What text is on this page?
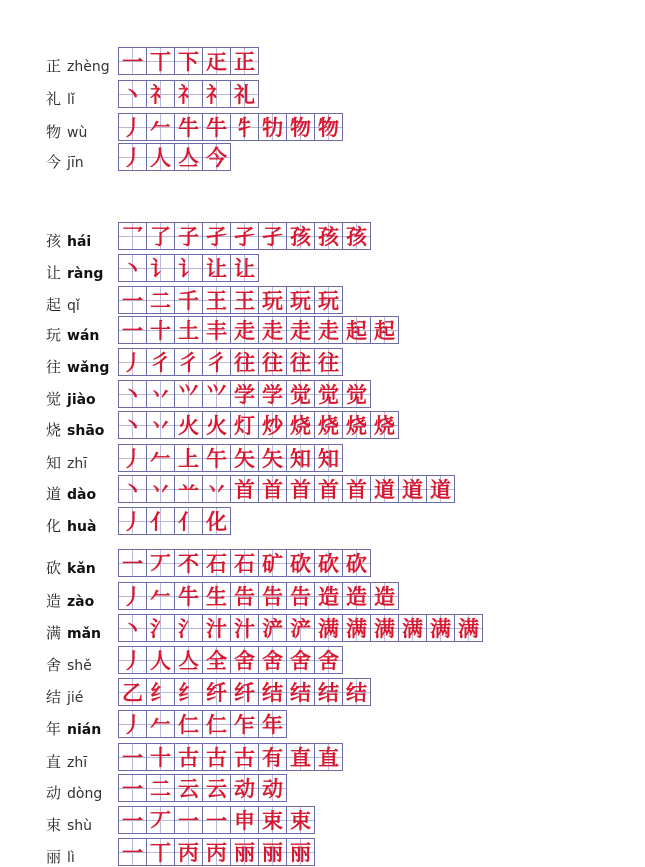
正 zhèng 一 丅 下 𤴓 正
礼 lǐ 丶 礻 礻 礻 礼
物 wù 丿 𠂉 牛 牛 牜 牞 物 物
今 jīn 丿 人 亼 今
孩 hái 乛 了 子 孑 孑 孑 孩 孩 孩
让 ràng 丶 讠 讠 让 让
起 qǐ 一 二 千 王 王 玩 玩 玩
玩 wán 一 十 土 丰 走 走 走 走 起 起
往 wǎng 丿 彳 彳 彳 往 往 往 往
觉 jiào 丶 丷 ⺍ ⺍ 学 学 觉 觉 觉
烧 shāo 丶 丷 火 火 灯 炒 烧 烧 烧 烧
知 zhī 丿 𠂉 上 午 矢 矢 知 知
道 dào 丶 丷 䒑 丷 首 首 首 首 首 道 道 道
化 huà 丿 亻 亻 化
砍 kǎn 一 丆 不 石 石 矿 砍 砍 砍
造 zào 丿 𠂉 牛 生 告 告 告 造 造 造
满 mǎn 丶 氵 氵 汁 汁 浐 浐 满 满 满 满 满 满
舍 shě 丿 人 亼 全 舍 舍 舍 舍
结 jié 乙 纟 纟 纤 纤 结 结 结 结
年 nián 丿 𠂉 仁 仁 乍 年
直 zhī 一 十 古 古 古 有 直 直
动 dòng 一 二 云 云 动 动
束 shù 一 丆 一 一 申 束 束
丽 lì 一 丅 丙 丙 丽 丽 丽
